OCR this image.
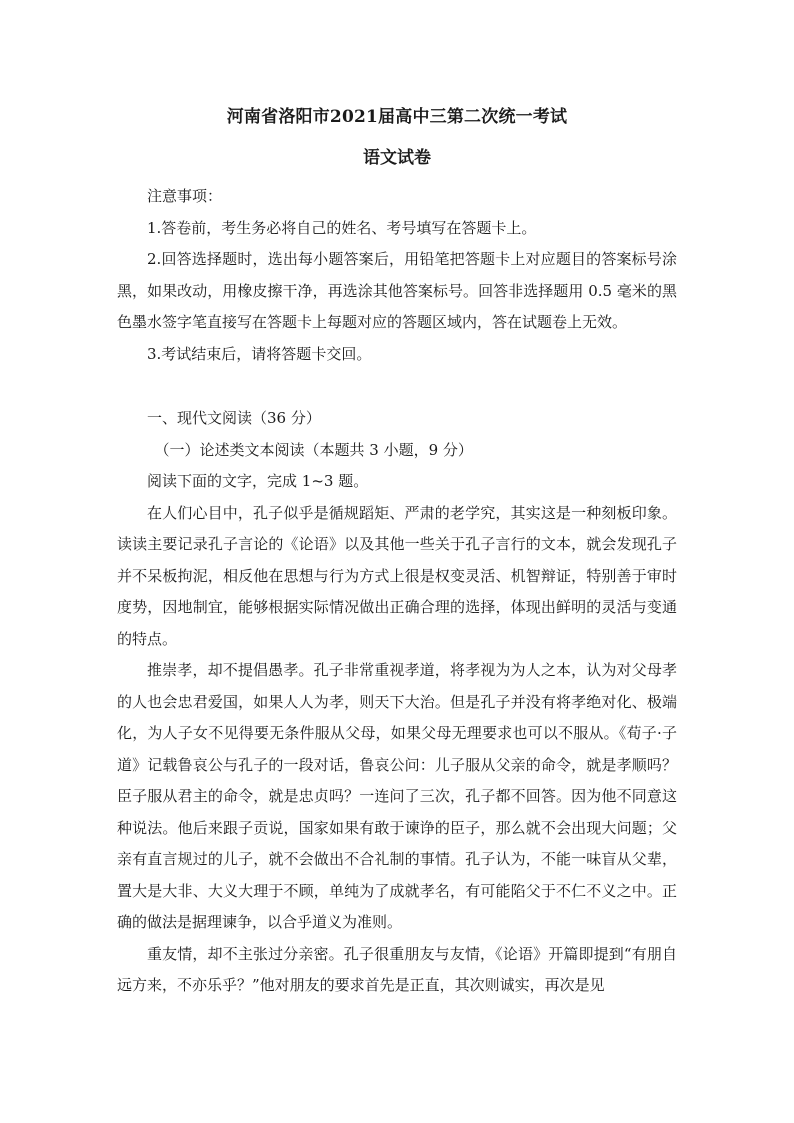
河南省洛阳市2021届高中三第二次统一考试
语文试卷

注意事项：

1.答卷前，考生务必将自己的姓名、考号填写在答题卡上。

2.回答选择题时，选出每小题答案后，用铅笔把答题卡上对应题目的答案标号涂黑，如果改动，用橡皮擦干净，再选涂其他答案标号。回答非选择题用 0.5 毫米的黑色墨水签字笔直接写在答题卡上每题对应的答题区域内，答在试题卷上无效。

3.考试结束后，请将答题卡交回。

一、现代文阅读（36 分）

（一）论述类文本阅读（本题共 3 小题，9 分）

阅读下面的文字，完成 1~3 题。

在人们心目中，孔子似乎是循规蹈矩、严肃的老学究，其实这是一种刻板印象。读读主要记录孔子言论的《论语》以及其他一些关于孔子言行的文本，就会发现孔子并不呆板拘泥，相反他在思想与行为方式上很是权变灵活、机智辩证，特别善于审时度势，因地制宜，能够根据实际情况做出正确合理的选择，体现出鲜明的灵活与变通的特点。

推崇孝，却不提倡愚孝。孔子非常重视孝道，将孝视为为人之本，认为对父母孝的人也会忠君爱国，如果人人为孝，则天下大治。但是孔子并没有将孝绝对化、极端化，为人子女不见得要无条件服从父母，如果父母无理要求也可以不服从。《荀子·子道》记载鲁哀公与孔子的一段对话，鲁哀公问：儿子服从父亲的命令，就是孝顺吗？臣子服从君主的命令，就是忠贞吗？一连问了三次，孔子都不回答。因为他不同意这种说法。他后来跟子贡说，国家如果有敢于谏诤的臣子，那么就不会出现大问题；父亲有直言规过的儿子，就不会做出不合礼制的事情。孔子认为，不能一味盲从父辈，置大是大非、大义大理于不顾，单纯为了成就孝名，有可能陷父于不仁不义之中。正确的做法是据理谏争，以合乎道义为准则。

重友情，却不主张过分亲密。孔子很重朋友与友情，《论语》开篇即提到“有朋自远方来，不亦乐乎？”他对朋友的要求首先是正直，其次则诚实，再次是见
